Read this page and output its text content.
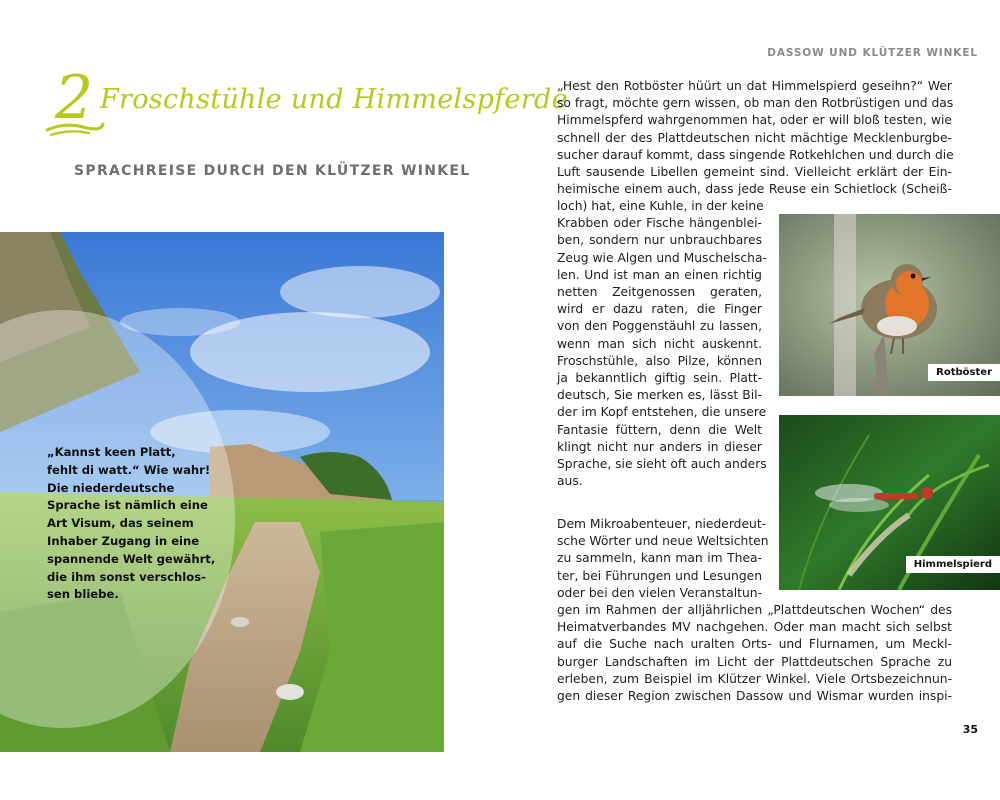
DASSOW UND KLÜTZER WINKEL
2 Froschstühle und Himmelspferde
SPRACHREISE DURCH DEN KLÜTZER WINKEL
„Kannst keen Platt,
fehlt di watt.“ Wie wahr!
Die niederdeutsche
Sprache ist nämlich eine
Art Visum, das seinem
Inhaber Zugang in eine
spannende Welt gewährt,
die ihm sonst verschlos-
sen bliebe.
„Hest den Rotböster hüürt un dat Himmelspierd geseihn?“ Wer
so fragt, möchte gern wissen, ob man den Rotbrüstigen und das
Himmelspferd wahrgenommen hat, oder er will bloß testen, wie
schnell der des Plattdeutschen nicht mächtige Mecklenburgbe-
sucher darauf kommt, dass singende Rotkehlchen und durch die
Luft sausende Libellen gemeint sind. Vielleicht erklärt der Ein-
heimische einem auch, dass jede Reuse ein Schietlock (Scheiß-
loch) hat, eine Kuhle, in der keine
Krabben oder Fische hängenblei-
ben, sondern nur unbrauchbares
Zeug wie Algen und Muschelscha-
len. Und ist man an einen richtig
netten Zeitgenossen geraten,
wird er dazu raten, die Finger
von den Poggenstäuhl zu lassen,
wenn man sich nicht auskennt.
Froschstühle, also Pilze, können
ja bekanntlich giftig sein. Platt-
deutsch, Sie merken es, lässt Bil-
der im Kopf entstehen, die unsere
Fantasie füttern, denn die Welt
klingt nicht nur anders in dieser
Sprache, sie sieht oft auch anders
aus.
Dem Mikroabenteuer, niederdeut-
sche Wörter und neue Weltsichten
zu sammeln, kann man im Thea-
ter, bei Führungen und Lesungen
oder bei den vielen Veranstaltun-
gen im Rahmen der alljährlichen „Plattdeutschen Wochen“ des
Heimatverbandes MV nachgehen. Oder man macht sich selbst
auf die Suche nach uralten Orts- und Flurnamen, um Meckl-
burger Landschaften im Licht der Plattdeutschen Sprache zu
erleben, zum Beispiel im Klützer Winkel. Viele Ortsbezeichnun-
gen dieser Region zwischen Dassow und Wismar wurden inspi-
Rotböster
Himmelspierd
35
